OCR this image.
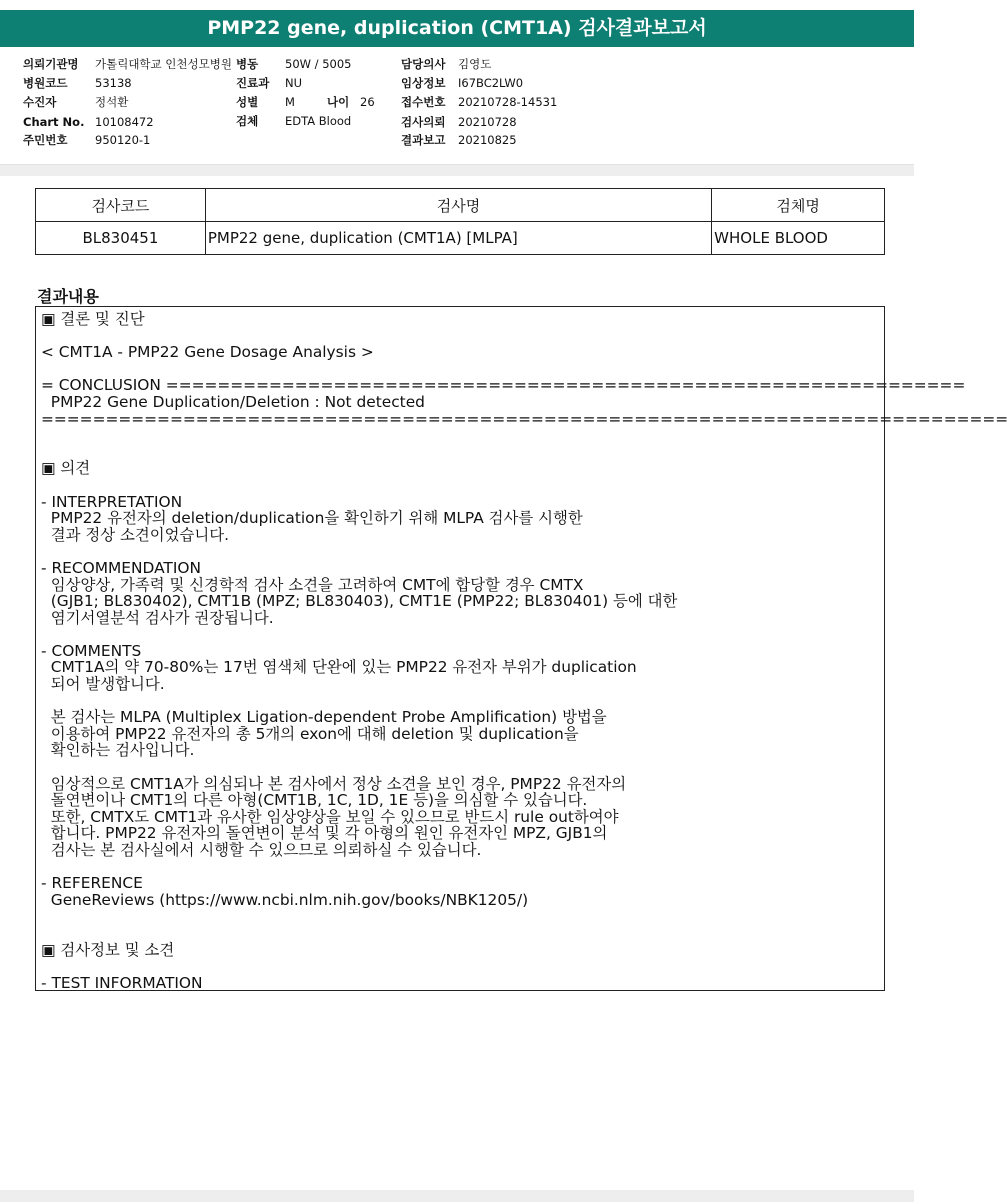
PMP22 gene, duplication (CMT1A) 검사결과보고서
의뢰기관명 가톨릭대학교 인천성모병원
병원코드 53138
수진자	정석환
Chart No. 10108472
주민번호 950120-1
병동 50W / 5005
진료과 NU
성별 M	나이 26
검체 EDTA Blood
담당의사 김영도
임상정보 I67BC2LW0
접수번호 20210728-14531
검사의뢰 20210728
결과보고 20210825
검사코드	검사명	검체명
BL830451	PMP22 gene, duplication (CMT1A) [MLPA]	WHOLE BLOOD
결과내용
▣ 결론 및 진단

< CMT1A - PMP22 Gene Dosage Analysis >

= CONCLUSION ==============================================================
PMP22 Gene Duplication/Deletion : Not detected
===========================================================================

▣ 의견

- INTERPRETATION
PMP22 유전자의 deletion/duplication을 확인하기 위해 MLPA 검사를 시행한
결과 정상 소견이었습니다.

- RECOMMENDATION
임상양상, 가족력 및 신경학적 검사 소견을 고려하여 CMT에 합당할 경우 CMTX
(GJB1; BL830402), CMT1B (MPZ; BL830403), CMT1E (PMP22; BL830401) 등에 대한
염기서열분석 검사가 권장됩니다.

- COMMENTS
CMT1A의 약 70-80%는 17번 염색체 단완에 있는 PMP22 유전자 부위가 duplication
되어 발생합니다.

본 검사는 MLPA (Multiplex Ligation-dependent Probe Amplification) 방법을
이용하여 PMP22 유전자의 총 5개의 exon에 대해 deletion 및 duplication을
확인하는 검사입니다.

임상적으로 CMT1A가 의심되나 본 검사에서 정상 소견을 보인 경우, PMP22 유전자의
돌연변이나 CMT1의 다른 아형(CMT1B, 1C, 1D, 1E 등)을 의심할 수 있습니다.
또한, CMTX도 CMT1과 유사한 임상양상을 보일 수 있으므로 반드시 rule out하여야
합니다. PMP22 유전자의 돌연변이 분석 및 각 아형의 원인 유전자인 MPZ, GJB1의
검사는 본 검사실에서 시행할 수 있으므로 의뢰하실 수 있습니다.

- REFERENCE
GeneReviews (https://www.ncbi.nlm.nih.gov/books/NBK1205/)

▣ 검사정보 및 소견

- TEST INFORMATION
